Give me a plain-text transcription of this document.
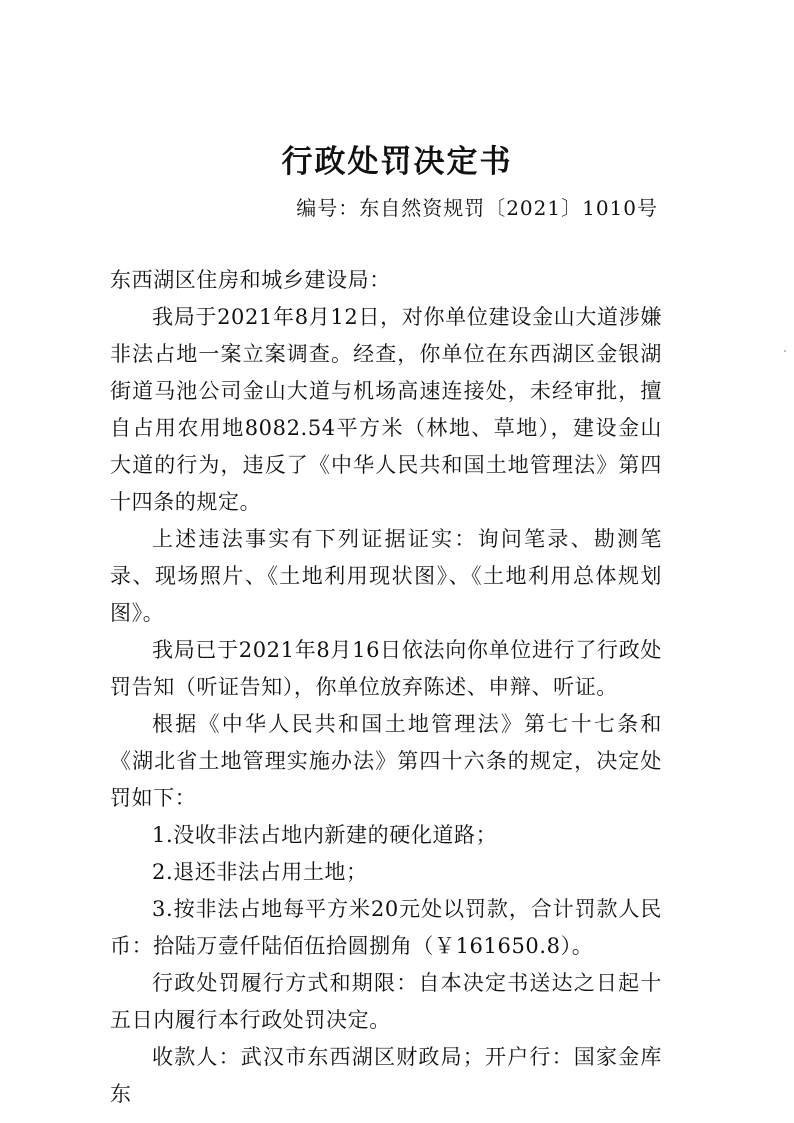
行政处罚决定书
编号：东自然资规罚〔2021〕1010号

东西湖区住房和城乡建设局：

我局于2021年8月12日，对你单位建设金山大道涉嫌非法占地一案立案调查。经查，你单位在东西湖区金银湖街道马池公司金山大道与机场高速连接处，未经审批，擅自占用农用地8082.54平方米（林地、草地），建设金山大道的行为，违反了《中华人民共和国土地管理法》第四十四条的规定。

上述违法事实有下列证据证实：询问笔录、勘测笔录、现场照片、《土地利用现状图》、《土地利用总体规划图》。

我局已于2021年8月16日依法向你单位进行了行政处罚告知（听证告知），你单位放弃陈述、申辩、听证。

根据《中华人民共和国土地管理法》第七十七条和《湖北省土地管理实施办法》第四十六条的规定，决定处罚如下：

1.没收非法占地内新建的硬化道路；

2.退还非法占用土地；

3.按非法占地每平方米20元处以罚款，合计罚款人民币：拾陆万壹仟陆佰伍拾圆捌角（￥161650.8）。

行政处罚履行方式和期限：自本决定书送达之日起十五日内履行本行政处罚决定。

收款人：武汉市东西湖区财政局；开户行：国家金库东
